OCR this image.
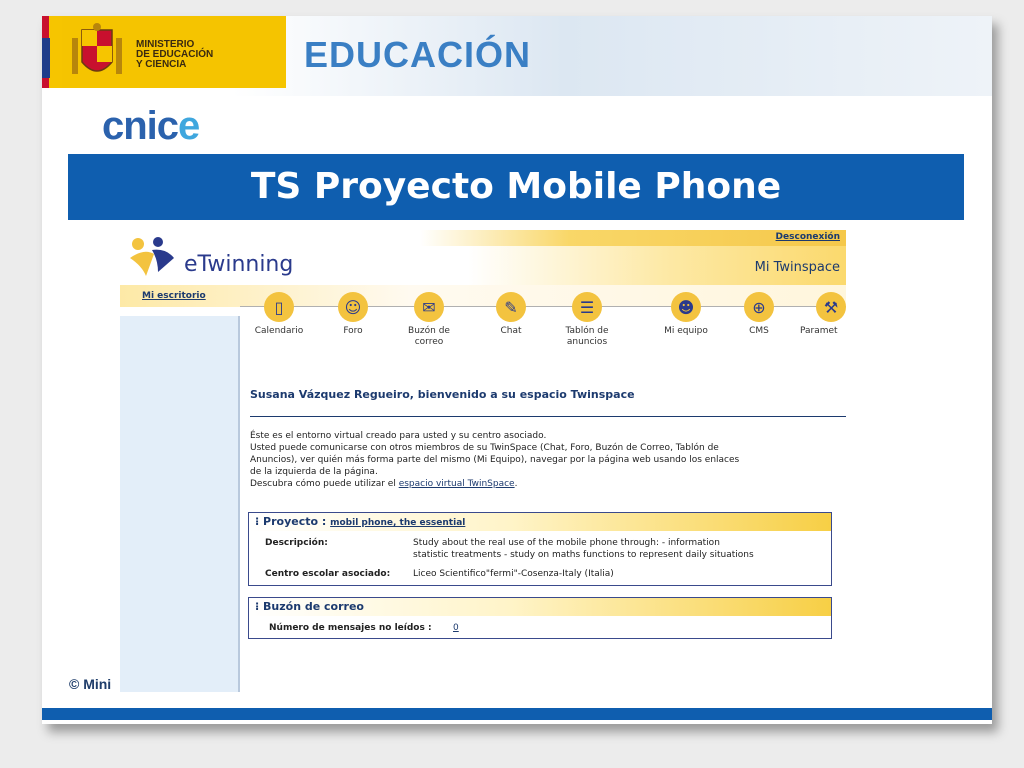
MINISTERIO
DE EDUCACIÓN
Y CIENCIA	EDUCACIÓN
cnice
TS Proyecto Mobile Phone
Desconexión
eTwinning	Mi Twinspace
Mi escritorio
▯
Calendario
☺
Foro
✉
Buzón de correo
✎
Chat
☰
Tablón de anuncios
☻
Mi equipo
⊕
CMS
⚒
Paramet
Susana Vázquez Regueiro, bienvenido a su espacio Twinspace
Éste es el entorno virtual creado para usted y su centro asociado.
Usted puede comunicarse con otros miembros de su TwinSpace (Chat, Foro, Buzón de Correo, Tablón de
Anuncios), ver quién más forma parte del mismo (Mi Equipo), navegar por la página web usando los enlaces
de la izquierda de la página.
Descubra cómo puede utilizar el espacio virtual TwinSpace.
⁝ Proyecto : mobil phone, the essential
Descripción:	Study about the real use of the mobile phone through: - information
statistic treatments - study on maths functions to represent daily situations
Centro escolar asociado:	Liceo Scientifico"fermi"-Cosenza-Italy (Italia)
⁝ Buzón de correo
Número de mensajes no leídos :	0
© Mini
